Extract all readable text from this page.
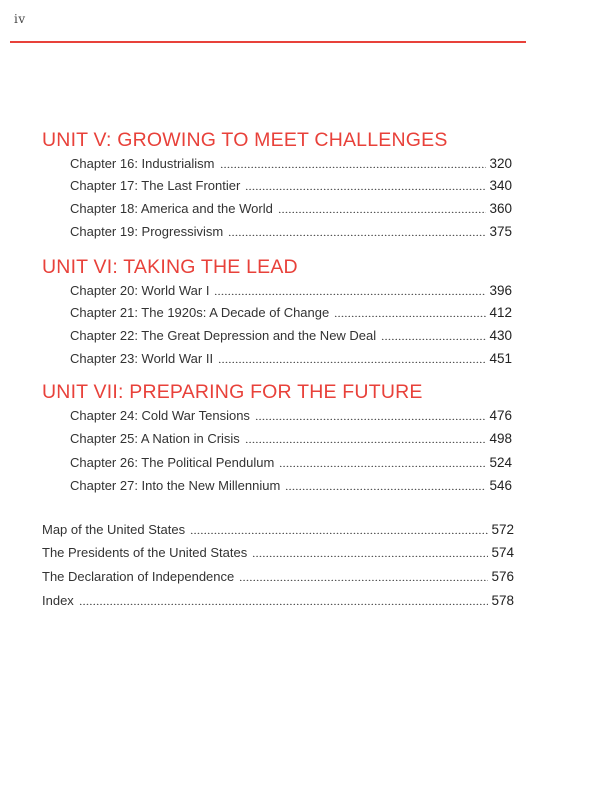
iv
UNIT V: GROWING TO MEET CHALLENGES
Chapter 16: Industrialism	320
Chapter 17: The Last Frontier	340
Chapter 18: America and the World	360
Chapter 19: Progressivism	375
UNIT VI: TAKING THE LEAD
Chapter 20: World War I	396
Chapter 21: The 1920s: A Decade of Change	412
Chapter 22: The Great Depression and the New Deal	430
Chapter 23: World War II	451
UNIT VII: PREPARING FOR THE FUTURE
Chapter 24: Cold War Tensions	476
Chapter 25: A Nation in Crisis	498
Chapter 26: The Political Pendulum	524
Chapter 27: Into the New Millennium	546
Map of the United States	572
The Presidents of the United States	574
The Declaration of Independence	576
Index	578
